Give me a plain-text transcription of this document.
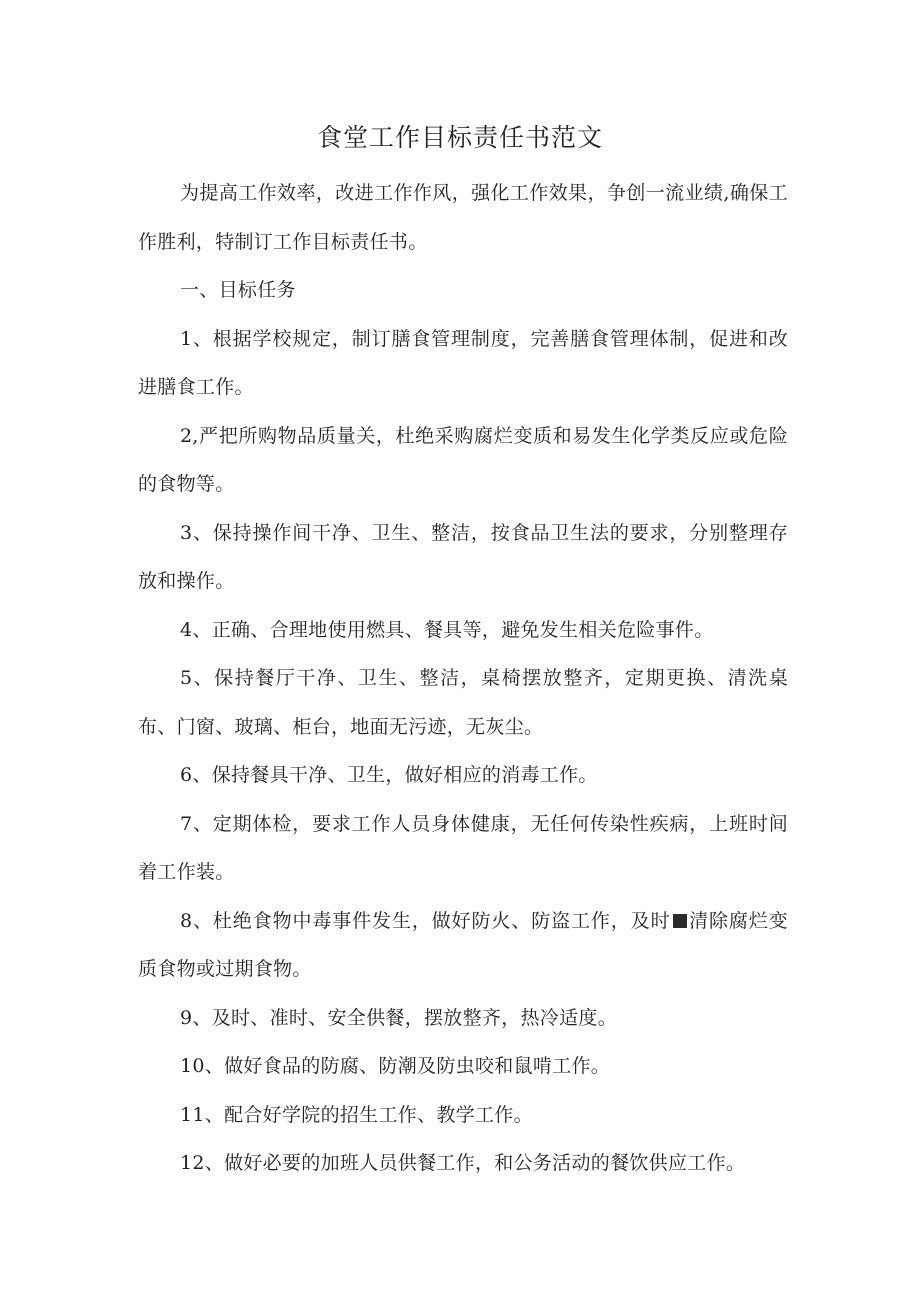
食堂工作目标责任书范文

为提高工作效率，改进工作作风，强化工作效果，争创一流业绩,确保工作胜利，特制订工作目标责任书。

一、目标任务

1、根据学校规定，制订膳食管理制度，完善膳食管理体制，促进和改进膳食工作。

2,严把所购物品质量关，杜绝采购腐烂变质和易发生化学类反应或危险的食物等。

3、保持操作间干净、卫生、整洁，按食品卫生法的要求，分别整理存放和操作。

4、正确、合理地使用燃具、餐具等，避免发生相关危险事件。

5、保持餐厅干净、卫生、整洁，桌椅摆放整齐，定期更换、清洗桌布、门窗、玻璃、柜台，地面无污迹，无灰尘。

6、保持餐具干净、卫生，做好相应的消毒工作。

7、定期体检，要求工作人员身体健康，无任何传染性疾病，上班时间着工作装。

8、杜绝食物中毒事件发生，做好防火、防盗工作，及时 清除腐烂变质食物或过期食物。

9、及时、准时、安全供餐，摆放整齐，热冷适度。

10、做好食品的防腐、防潮及防虫咬和鼠啃工作。

11、配合好学院的招生工作、教学工作。

12、做好必要的加班人员供餐工作，和公务活动的餐饮供应工作。
